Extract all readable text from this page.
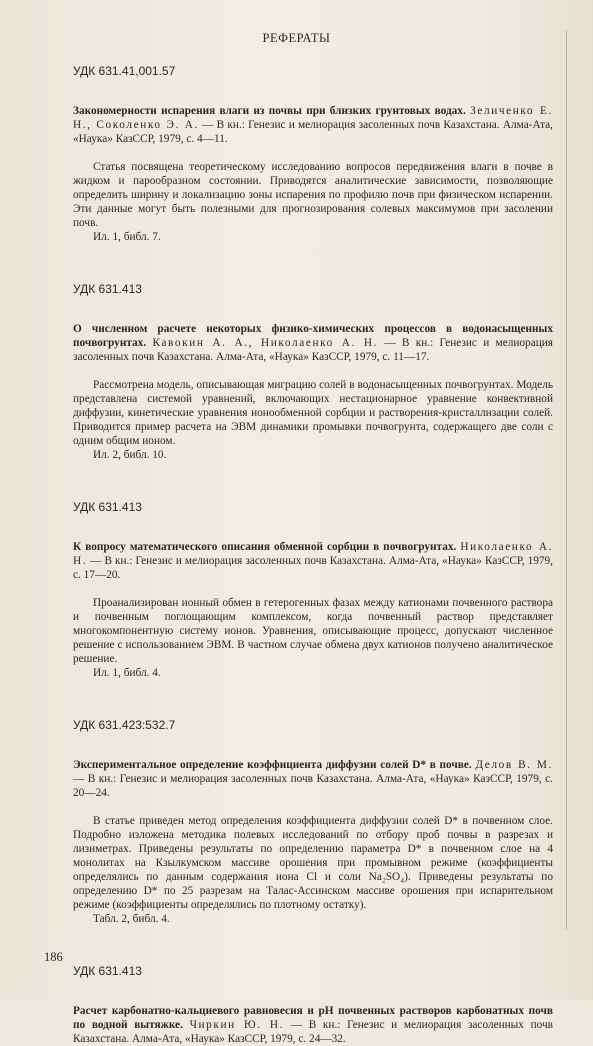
РЕФЕРАТЫ

УДК 631.41,001.57

Закономерности испарения влаги из почвы при близких грунтовых водах. Зеличенко Е. Н., Соколенко Э. А. — В кн.: Генезис и мелиорация засоленных почв Казахстана. Алма-Ата, «Наука» КазССР, 1979, с. 4—11.

Статья посвящена теоретическому исследованию вопросов передвижения влаги в почве в жидком и парообразном состоянии. Приводятся аналитические зависимости, позволяющие определить ширину и локализацию зоны испарения по профилю почв при физическом испарении. Эти данные могут быть полезными для прогнозирования солевых максимумов при засолении почв.

Ил. 1, библ. 7.

УДК 631.413

О численном расчете некоторых физико-химических процессов в водонасыщенных почвогрунтах. Кавокин А. А., Николаенко А. Н. — В кн.: Генезис и мелиорация засоленных почв Казахстана. Алма-Ата, «Наука» КазССР, 1979, с. 11—17.

Рассмотрена модель, описывающая миграцию солей в водонасыщенных почвогрунтах. Модель представлена системой уравнений, включающих нестационарное уравнение конвективной диффузии, кинетические уравнения ионообменной сорбции и растворения-кристаллизации солей. Приводится пример расчета на ЭВМ динамики промывки почвогрунта, содержащего две соли с одним общим ионом.

Ил. 2, библ. 10.

УДК 631.413

К вопросу математического описания обменной сорбции в почвогрунтах. Николаенко А. Н. — В кн.: Генезис и мелиорация засоленных почв Казахстана. Алма-Ата, «Наука» КазССР, 1979, с. 17—20.

Проанализирован ионный обмен в гетерогенных фазах между катионами почвенного раствора и почвенным поглощающим комплексом, когда почвенный раствор представляет многокомпонентную систему ионов. Уравнения, описывающие процесс, допускают численное решение с использованием ЭВМ. В частном случае обмена двух катионов получено аналитическое решение.

Ил. 1, библ. 4.

УДК 631.423:532.7

Экспериментальное определение коэффициента диффузии солей D* в почве. Делов В. М. — В кн.: Генезис и мелиорация засоленных почв Казахстана. Алма-Ата, «Наука» КазССР, 1979, с. 20—24.

В статье приведен метод определения коэффициента диффузии солей D* в почвенном слое. Подробно изложена методика полевых исследований по отбору проб почвы в разрезах и лизиметрах. Приведены результаты по определению параметра D* в почвенном слое на 4 монолитах на Кзылкумском массиве орошения при промывном режиме (коэффициенты определялись по данным содержания иона Cl и соли Na₂SO₄). Приведены результаты по определению D* по 25 разрезам на Талас-Ассинском массиве орошения при испарительном режиме (коэффициенты определялись по плотному остатку).

Табл. 2, библ. 4.

УДК 631.413

Расчет карбонатно-кальциевого равновесия и pH почвенных растворов карбонатных почв по водной вытяжке. Чиркин Ю. Н. — В кн.: Генезис и мелиорация засоленных почв Казахстана. Алма-Ата, «Наука» КазССР, 1979, с. 24—32.

186
